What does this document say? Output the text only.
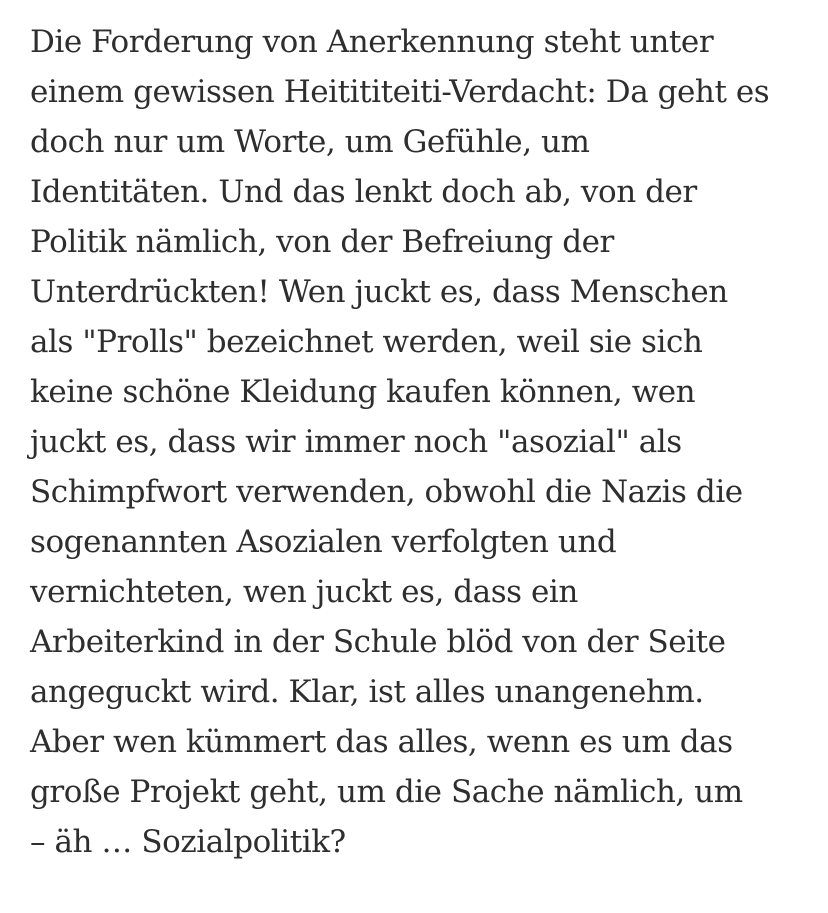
Die Forderung von Anerkennung steht unter
einem gewissen Heitititeiti-Verdacht: Da geht es
doch nur um Worte, um Gefühle, um
Identitäten. Und das lenkt doch ab, von der
Politik nämlich, von der Befreiung der
Unterdrückten! Wen juckt es, dass Menschen
als "Prolls" bezeichnet werden, weil sie sich
keine schöne Kleidung kaufen können, wen
juckt es, dass wir immer noch "asozial" als
Schimpfwort verwenden, obwohl die Nazis die
sogenannten Asozialen verfolgten und
vernichteten, wen juckt es, dass ein
Arbeiterkind in der Schule blöd von der Seite
angeguckt wird. Klar, ist alles unangenehm.
Aber wen kümmert das alles, wenn es um das
große Projekt geht, um die Sache nämlich, um
– äh … Sozialpolitik?
